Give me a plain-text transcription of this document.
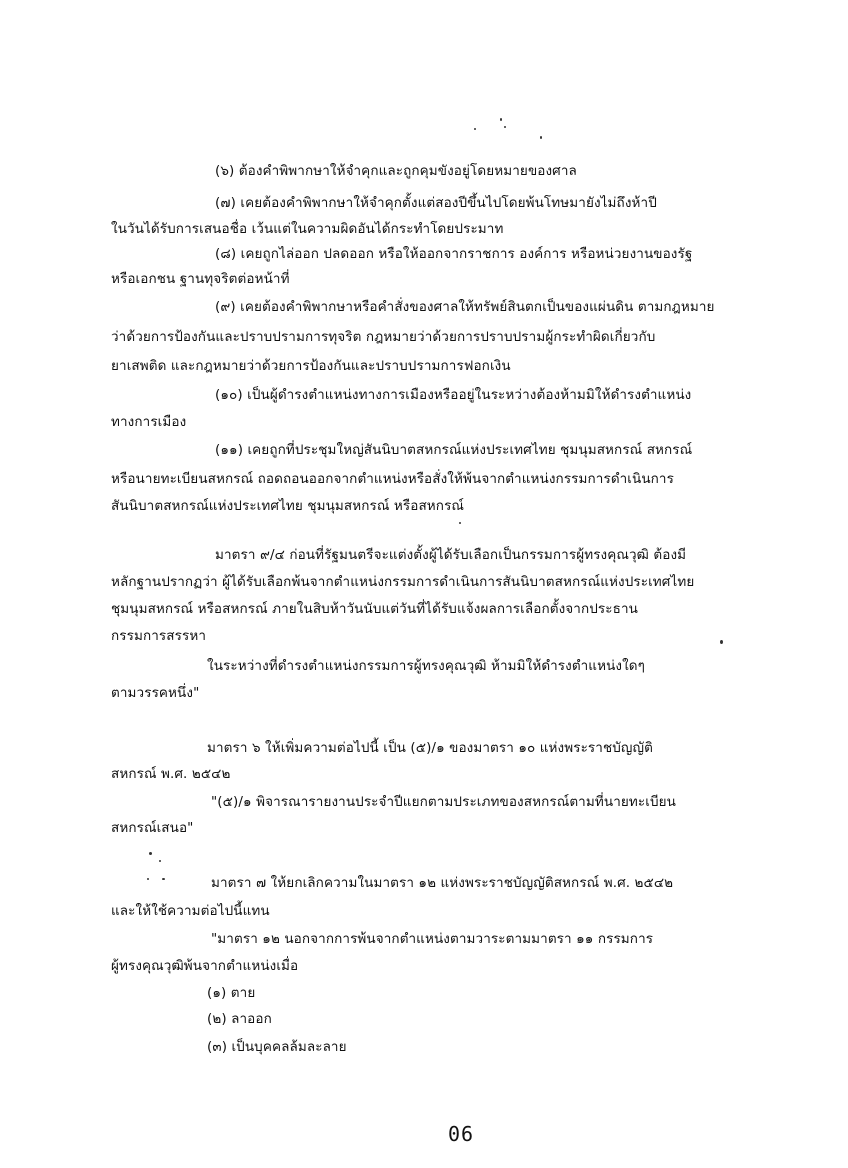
(๖) ต้องคำพิพากษาให้จำคุกและถูกคุมขังอยู่โดยหมายของศาล
(๗) เคยต้องคำพิพากษาให้จำคุกตั้งแต่สองปีขึ้นไปโดยพ้นโทษมายังไม่ถึงห้าปี
ในวันได้รับการเสนอชื่อ เว้นแต่ในความผิดอันได้กระทำโดยประมาท
(๘) เคยถูกไล่ออก ปลดออก หรือให้ออกจากราชการ องค์การ หรือหน่วยงานของรัฐ
หรือเอกชน ฐานทุจริตต่อหน้าที่
(๙) เคยต้องคำพิพากษาหรือคำสั่งของศาลให้ทรัพย์สินตกเป็นของแผ่นดิน ตามกฎหมาย
ว่าด้วยการป้องกันและปราบปรามการทุจริต กฎหมายว่าด้วยการปราบปรามผู้กระทำผิดเกี่ยวกับ
ยาเสพติด และกฎหมายว่าด้วยการป้องกันและปราบปรามการฟอกเงิน
(๑๐) เป็นผู้ดำรงตำแหน่งทางการเมืองหรืออยู่ในระหว่างต้องห้ามมิให้ดำรงตำแหน่ง
ทางการเมือง
(๑๑) เคยถูกที่ประชุมใหญ่สันนิบาตสหกรณ์แห่งประเทศไทย ชุมนุมสหกรณ์ สหกรณ์
หรือนายทะเบียนสหกรณ์ ถอดถอนออกจากตำแหน่งหรือสั่งให้พ้นจากตำแหน่งกรรมการดำเนินการ
สันนิบาตสหกรณ์แห่งประเทศไทย ชุมนุมสหกรณ์ หรือสหกรณ์
มาตรา ๙/๔ ก่อนที่รัฐมนตรีจะแต่งตั้งผู้ได้รับเลือกเป็นกรรมการผู้ทรงคุณวุฒิ ต้องมี
หลักฐานปรากฏว่า ผู้ได้รับเลือกพ้นจากตำแหน่งกรรมการดำเนินการสันนิบาตสหกรณ์แห่งประเทศไทย
ชุมนุมสหกรณ์ หรือสหกรณ์ ภายในสิบห้าวันนับแต่วันที่ได้รับแจ้งผลการเลือกตั้งจากประธาน
กรรมการสรรหา
ในระหว่างที่ดำรงตำแหน่งกรรมการผู้ทรงคุณวุฒิ ห้ามมิให้ดำรงตำแหน่งใดๆ
ตามวรรคหนึ่ง"
มาตรา ๖ ให้เพิ่มความต่อไปนี้ เป็น (๕)/๑ ของมาตรา ๑๐ แห่งพระราชบัญญัติ
สหกรณ์ พ.ศ. ๒๕๔๒
"(๕)/๑ พิจารณารายงานประจำปีแยกตามประเภทของสหกรณ์ตามที่นายทะเบียน
สหกรณ์เสนอ"
มาตรา ๗ ให้ยกเลิกความในมาตรา ๑๒ แห่งพระราชบัญญัติสหกรณ์ พ.ศ. ๒๕๔๒
และให้ใช้ความต่อไปนี้แทน
"มาตรา ๑๒ นอกจากการพ้นจากตำแหน่งตามวาระตามมาตรา ๑๑ กรรมการ
ผู้ทรงคุณวุฒิพ้นจากตำแหน่งเมื่อ
(๑) ตาย
(๒) ลาออก
(๓) เป็นบุคคลล้มละลาย
06
